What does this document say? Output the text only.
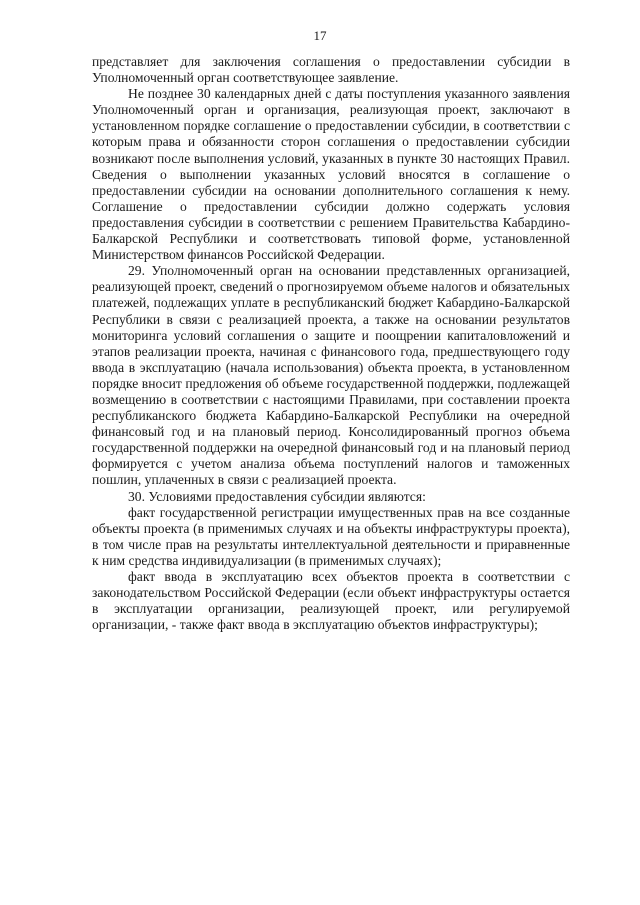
17

представляет для заключения соглашения о предоставлении субсидии в Уполномоченный орган соответствующее заявление.

Не позднее 30 календарных дней с даты поступления указанного заявления Уполномоченный орган и организация, реализующая проект, заключают в установленном порядке соглашение о предоставлении субсидии, в соответствии с которым права и обязанности сторон соглашения о предоставлении субсидии возникают после выполнения условий, указанных в пункте 30 настоящих Правил. Сведения о выполнении указанных условий вносятся в соглашение о предоставлении субсидии на основании дополнительного соглашения к нему. Соглашение о предоставлении субсидии должно содержать условия предоставления субсидии в соответствии с решением Правительства Кабардино-Балкарской Республики и соответствовать типовой форме, установленной Министерством финансов Российской Федерации.

29. Уполномоченный орган на основании представленных организацией, реализующей проект, сведений о прогнозируемом объеме налогов и обязательных платежей, подлежащих уплате в республиканский бюджет Кабардино-Балкарской Республики в связи с реализацией проекта, а также на основании результатов мониторинга условий соглашения о защите и поощрении капиталовложений и этапов реализации проекта, начиная с финансового года, предшествующего году ввода в эксплуатацию (начала использования) объекта проекта, в установленном порядке вносит предложения об объеме государственной поддержки, подлежащей возмещению в соответствии с настоящими Правилами, при составлении проекта республиканского бюджета Кабардино-Балкарской Республики на очередной финансовый год и на плановый период. Консолидированный прогноз объема государственной поддержки на очередной финансовый год и на плановый период формируется с учетом анализа объема поступлений налогов и таможенных пошлин, уплаченных в связи с реализацией проекта.

30. Условиями предоставления субсидии являются:

факт государственной регистрации имущественных прав на все созданные объекты проекта (в применимых случаях и на объекты инфраструктуры проекта), в том числе прав на результаты интеллектуальной деятельности и приравненные к ним средства индивидуализации (в применимых случаях);

факт ввода в эксплуатацию всех объектов проекта в соответствии с законодательством Российской Федерации (если объект инфраструктуры остается в эксплуатации организации, реализующей проект, или регулируемой организации, - также факт ввода в эксплуатацию объектов инфраструктуры);
